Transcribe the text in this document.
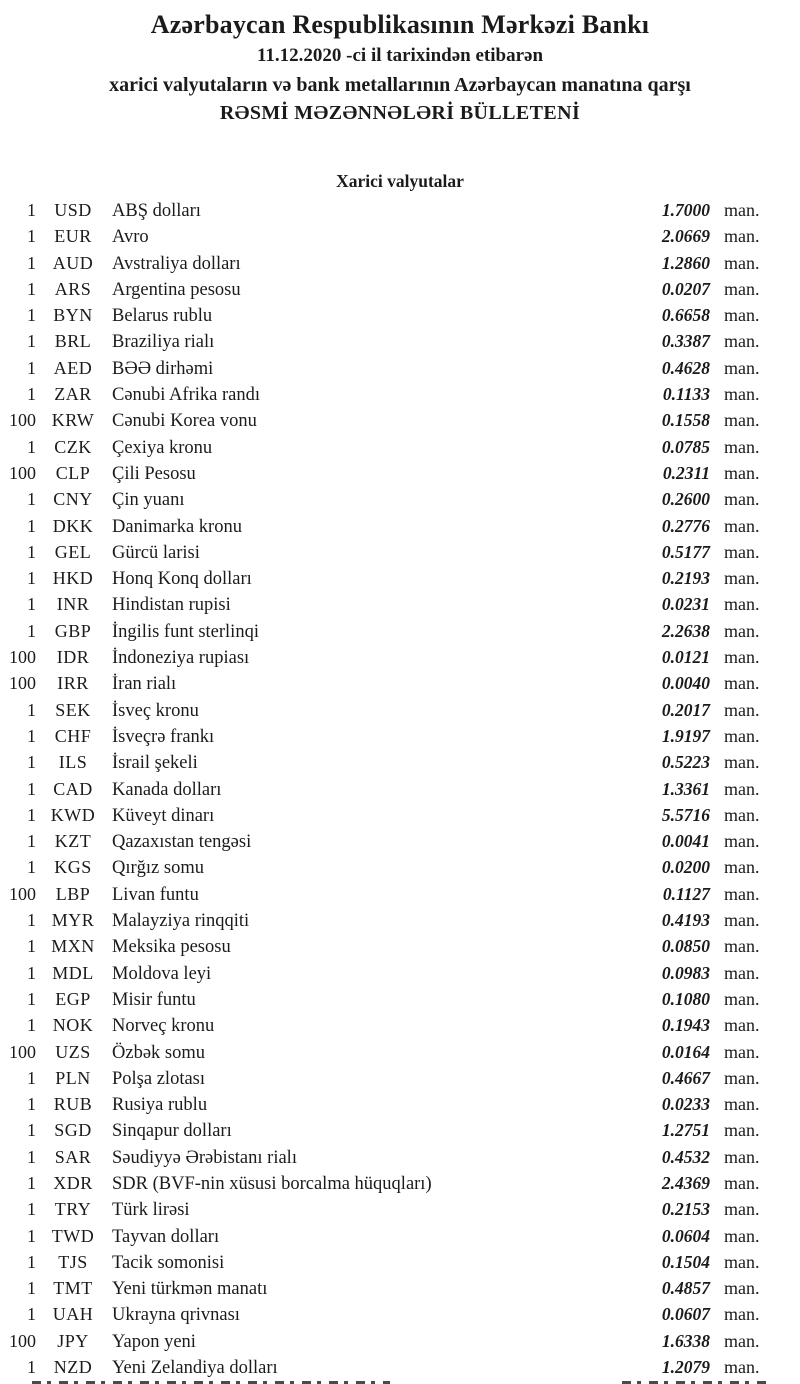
Azərbaycan Respublikasının Mərkəzi Bankı
11.12.2020 -ci il tarixindən etibarən
xarici valyutaların və bank metallarının Azərbaycan manatına qarşı
RƏSMİ MƏZƏNNƏLƏRİ BÜLLETENİ
Xarici valyutalar
1	USD	ABŞ dolları	1.7000 man.
1	EUR	Avro	2.0669 man.
1 AUD	Avstraliya dolları	1.2860 man.
1	ARS	Argentina pesosu	0.0207 man.
1 BYN	Belarus rublu	0.6658 man.
1	BRL	Braziliya rialı	0.3387 man.
1 AED	BƏƏ dirhəmi	0.4628 man.
1	ZAR	Cənubi Afrika randı	0.1133 man.
100 KRW Cənubi Korea vonu	0.1558 man.
1	CZK	Çexiya kronu	0.0785 man.
100	CLP	Çili Pesosu	0.2311 man.
1 CNY	Çin yuanı	0.2600 man.
1 DKK	Danimarka kronu	0.2776 man.
1	GEL	Gürcü larisi	0.5177 man.
1 HKD	Honq Konq dolları	0.2193 man.
1	INR	Hindistan rupisi	0.0231 man.
1	GBP	İngilis funt sterlinqi	2.2638 man.
100	IDR	İndoneziya rupiası	0.0121 man.
100	IRR	İran rialı	0.0040 man.
1	SEK	İsveç kronu	0.2017 man.
1	CHF	İsveçrə frankı	1.9197 man.
1	ILS	İsrail şekeli	0.5223 man.
1 CAD	Kanada dolları	1.3361 man.
1 KWD Küveyt dinarı	5.5716 man.
1	KZT	Qazaxıstan tengəsi	0.0041 man.
1	KGS	Qırğız somu	0.0200 man.
100	LBP	Livan funtu	0.1127 man.
1 MYR Malayziya rinqqiti	0.4193 man.
1 MXN Meksika pesosu	0.0850 man.
1 MDL Moldova leyi	0.0983 man.
1	EGP	Misir funtu	0.1080 man.
1 NOK	Norveç kronu	0.1943 man.
100	UZS	Özbək somu	0.0164 man.
1	PLN	Polşa zlotası	0.4667 man.
1 RUB	Rusiya rublu	0.0233 man.
1	SGD	Sinqapur dolları	1.2751 man.
1	SAR	Səudiyyə Ərəbistanı rialı	0.4532 man.
1 XDR	SDR (BVF-nin xüsusi borcalma hüquqları)	2.4369 man.
1	TRY	Türk lirəsi	0.2153 man.
1 TWD Tayvan dolları	0.0604 man.
1	TJS	Tacik somonisi	0.1504 man.
1 TMT	Yeni türkmən manatı	0.4857 man.
1 UAH	Ukrayna qrivnası	0.0607 man.
100	JPY	Yapon yeni	1.6338 man.
1 NZD	Yeni Zelandiya dolları	1.2079 man.
